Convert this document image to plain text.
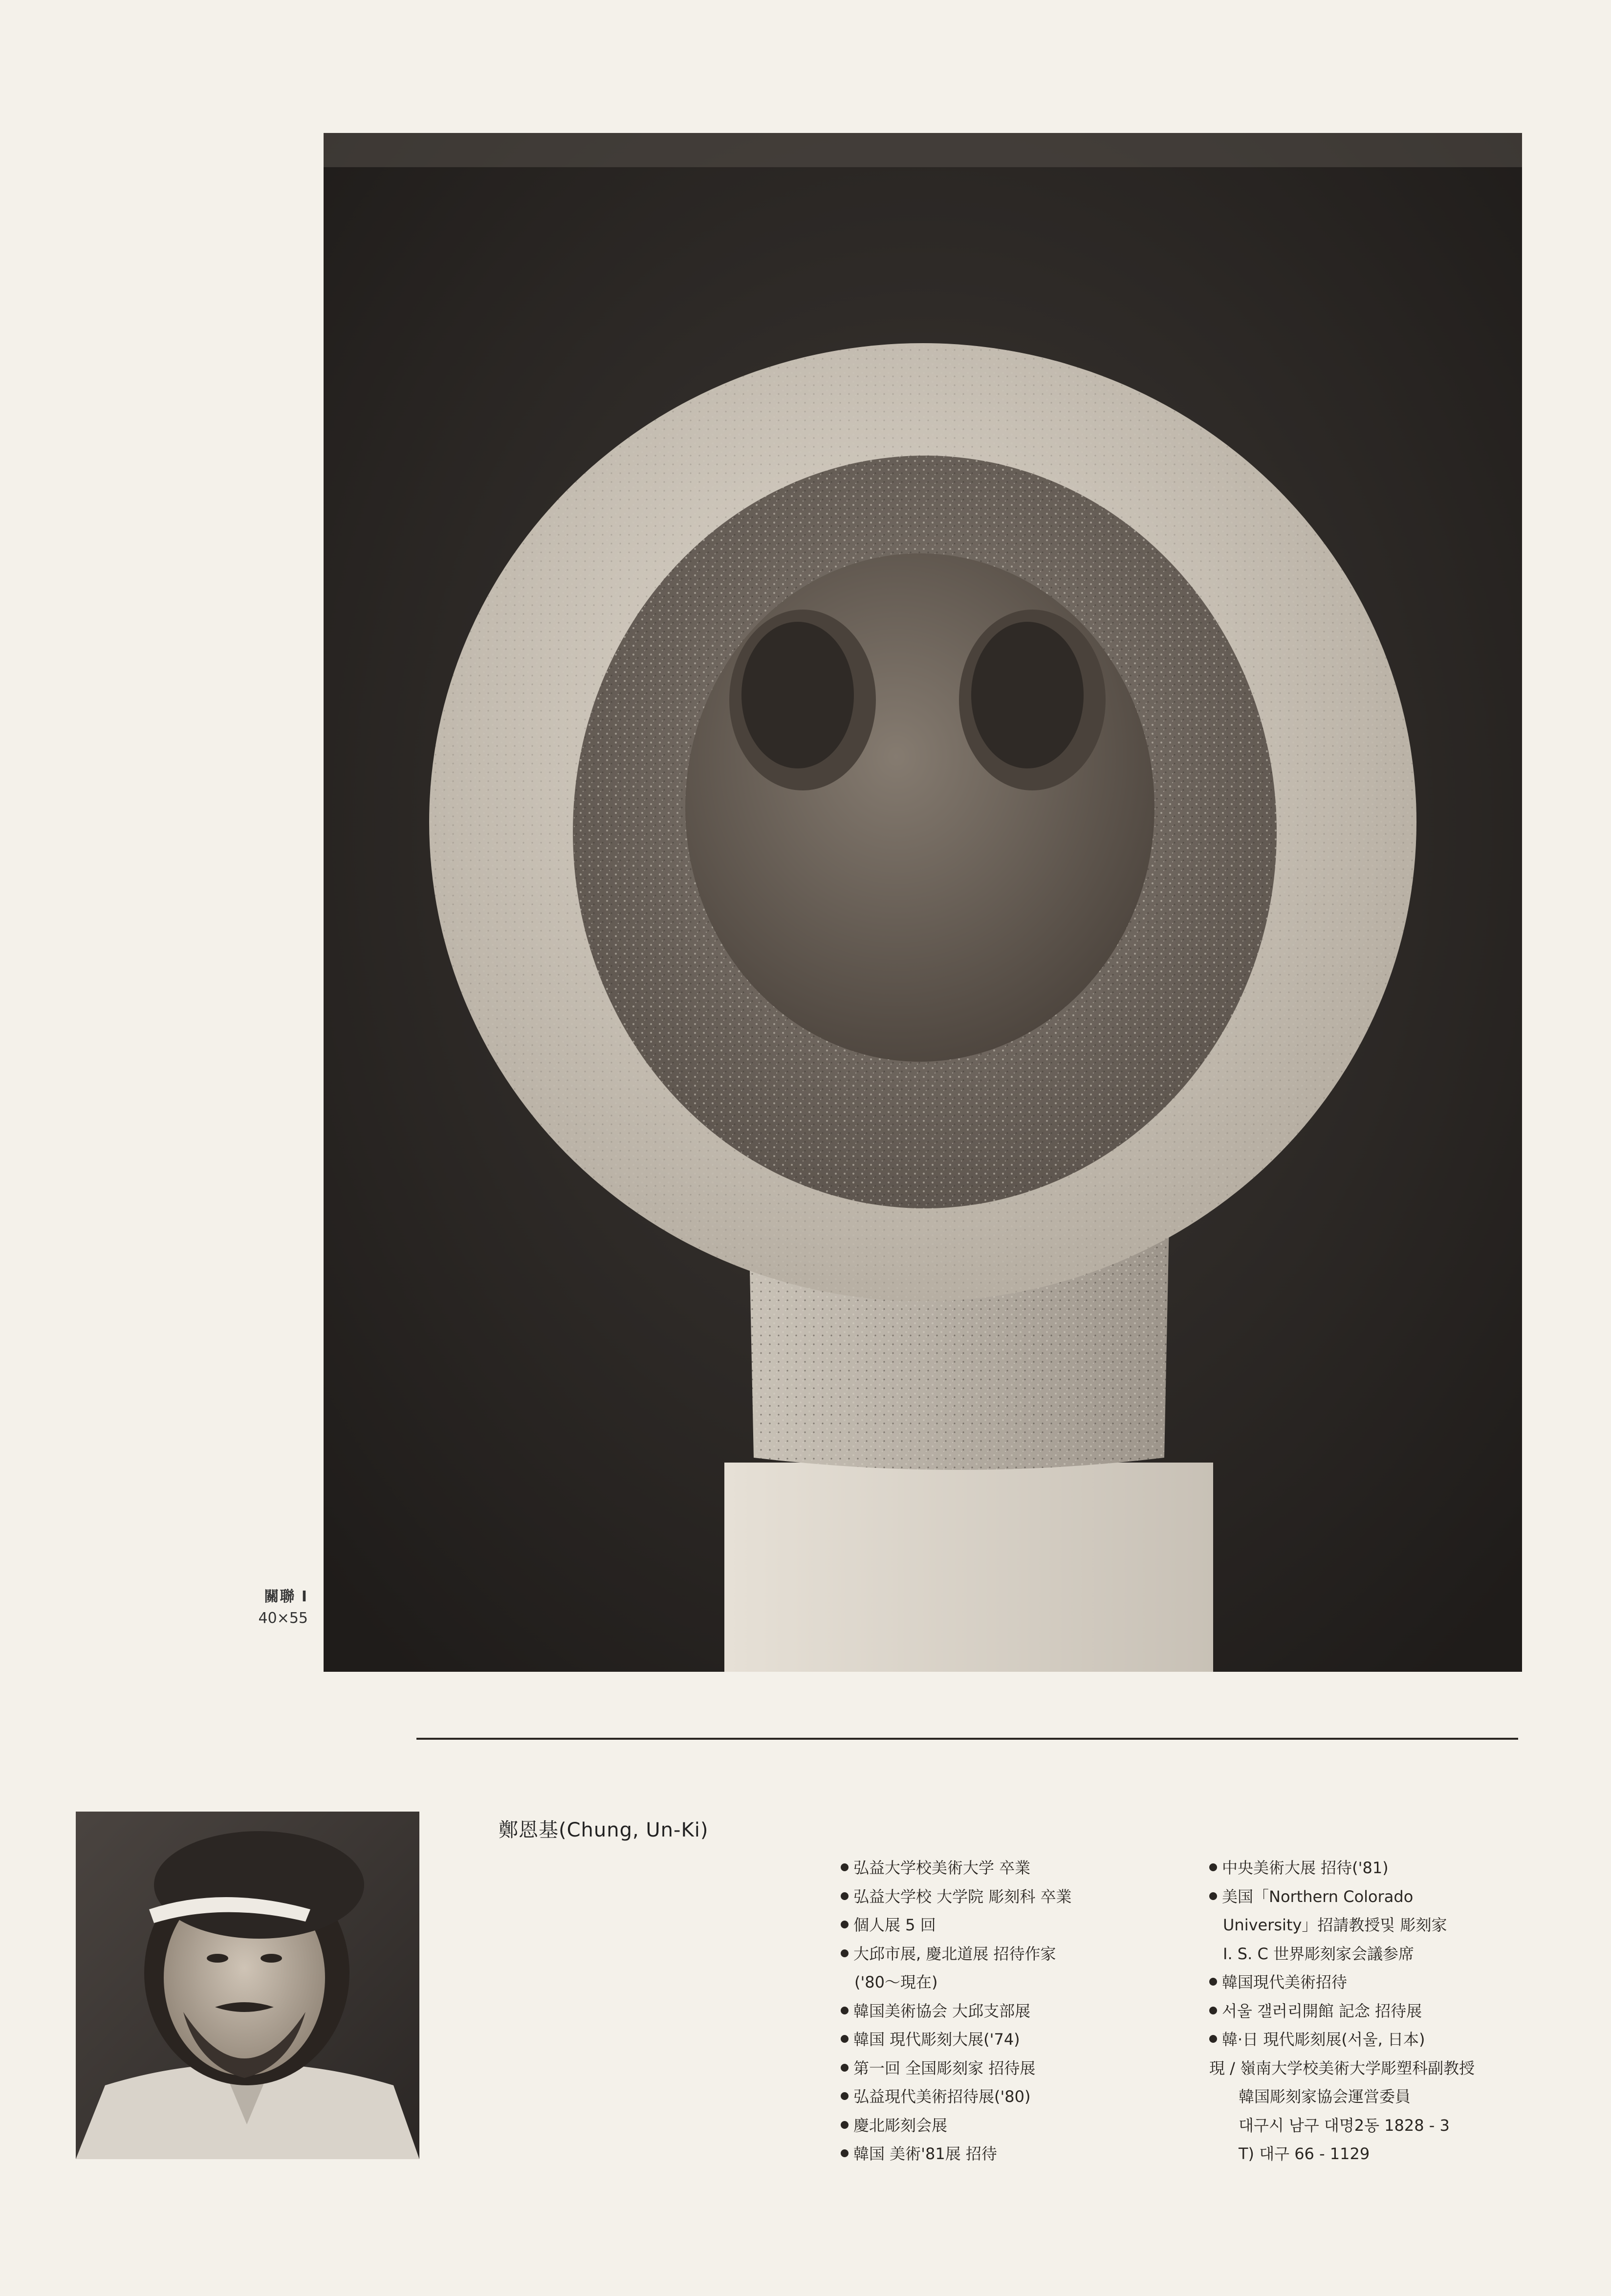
關聯 Ⅰ
40×55
鄭恩基(Chung, Un-Ki)
弘益大学校美術大学 卒業
弘益大学校 大学院 彫刻科 卒業
個人展 5 回
大邱市展, 慶北道展 招待作家
('80～現在)
韓国美術協会 大邱支部展
韓国 現代彫刻大展('74)
第一回 全国彫刻家 招待展
弘益現代美術招待展('80)
慶北彫刻会展
韓国 美術'81展 招待
中央美術大展 招待('81)
美国「Northern Colorado
University」招請教授및 彫刻家
I. S. C 世界彫刻家会議参席
韓国現代美術招待
서울 갤러리開館 記念 招待展
韓·日 現代彫刻展(서울, 日本)
現 / 嶺南大学校美術大学彫塑科副教授
韓国彫刻家協会運営委員
대구시 남구 대명2동 1828 - 3
T) 대구 66 - 1129
